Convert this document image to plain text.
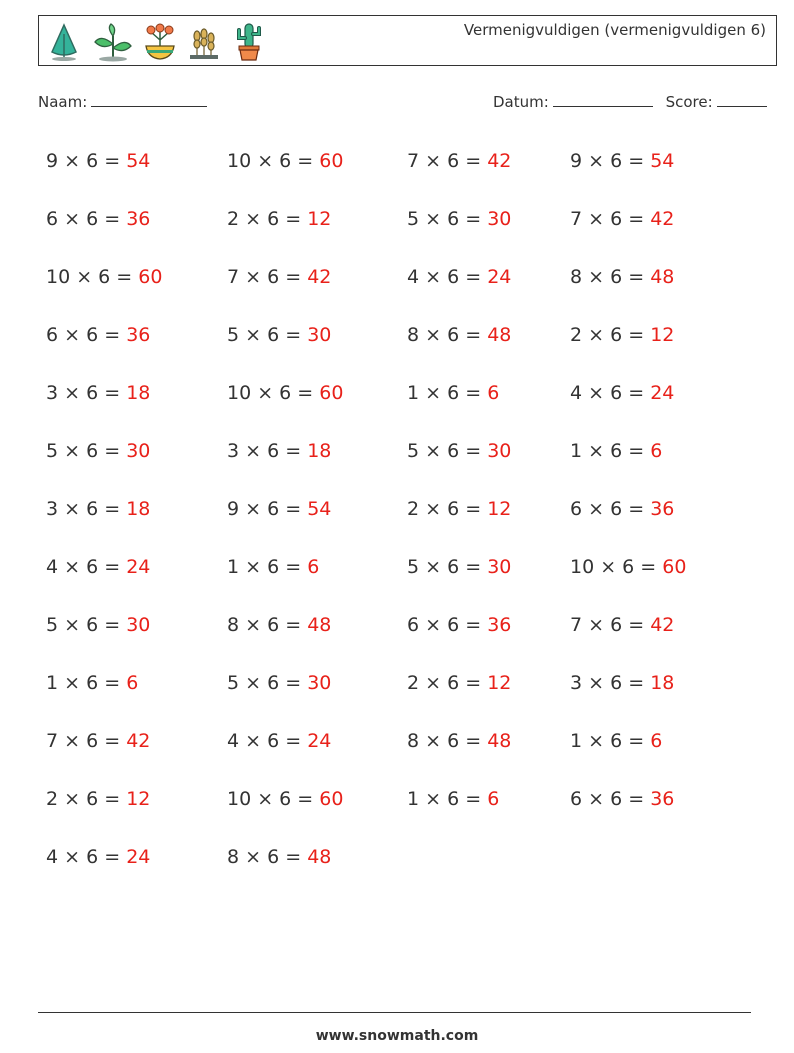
Vermenigvuldigen (vermenigvuldigen 6)
Naam:	Datum:	Score:
9 × 6 = 54
6 × 6 = 36
10 × 6 = 60
6 × 6 = 36
3 × 6 = 18
5 × 6 = 30
3 × 6 = 18
4 × 6 = 24
5 × 6 = 30
1 × 6 = 6
7 × 6 = 42
2 × 6 = 12
4 × 6 = 24
10 × 6 = 60
2 × 6 = 12
7 × 6 = 42
5 × 6 = 30
10 × 6 = 60
3 × 6 = 18
9 × 6 = 54
1 × 6 = 6
8 × 6 = 48
5 × 6 = 30
4 × 6 = 24
10 × 6 = 60
8 × 6 = 48
7 × 6 = 42
5 × 6 = 30
4 × 6 = 24
8 × 6 = 48
1 × 6 = 6
5 × 6 = 30
2 × 6 = 12
5 × 6 = 30
6 × 6 = 36
2 × 6 = 12
8 × 6 = 48
1 × 6 = 6
9 × 6 = 54
7 × 6 = 42
8 × 6 = 48
2 × 6 = 12
4 × 6 = 24
1 × 6 = 6
6 × 6 = 36
10 × 6 = 60
7 × 6 = 42
3 × 6 = 18
1 × 6 = 6
6 × 6 = 36
www.snowmath.com
